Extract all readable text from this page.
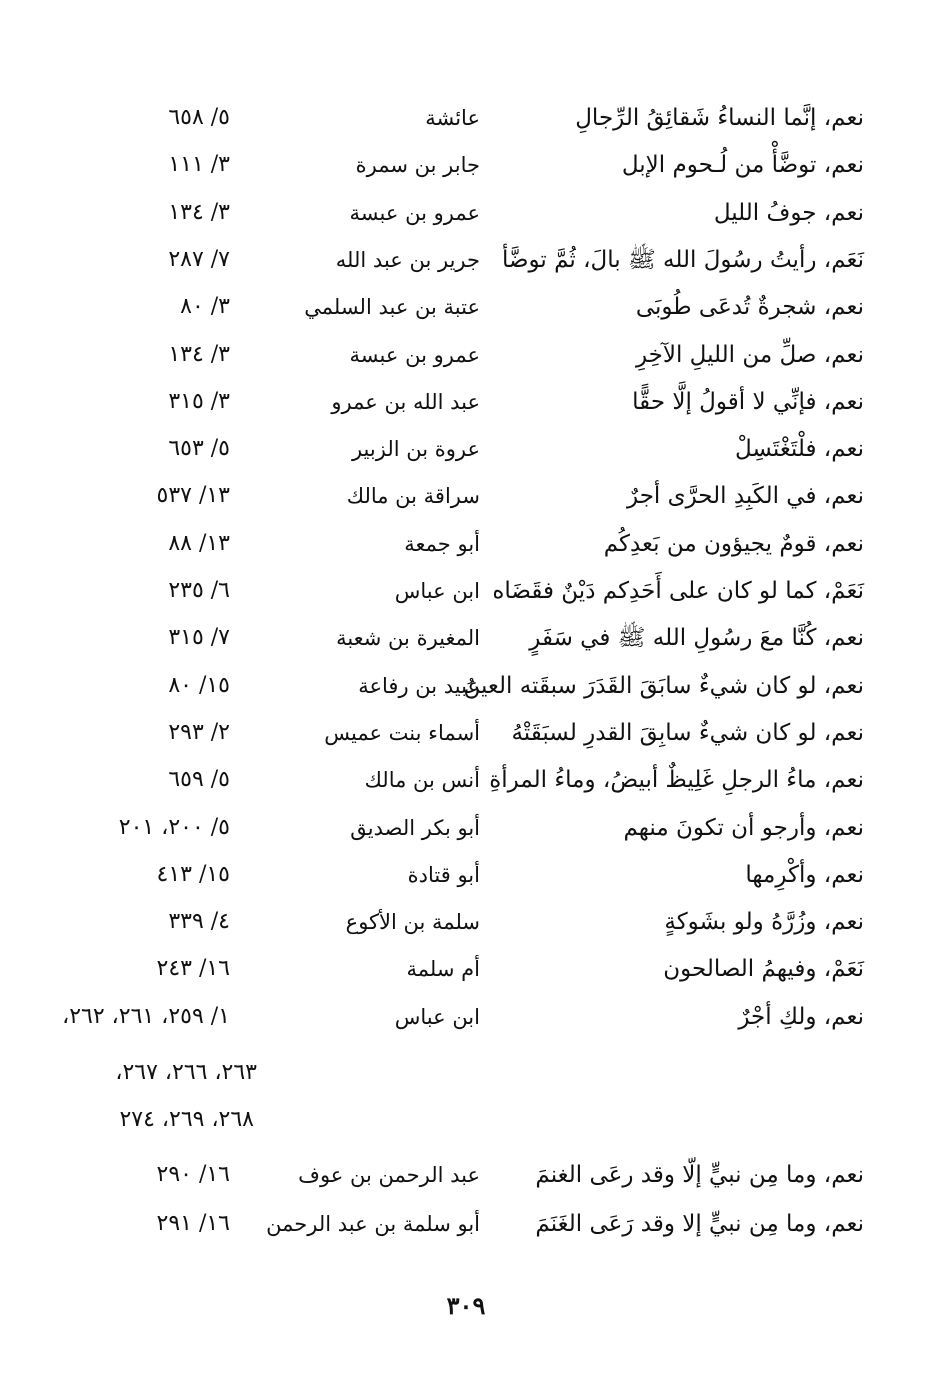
نعم، إنَّما النساءُ شَقائِقُ الرِّجالِ
عائشة
٥/ ٦٥٨
نعم، توضَّأْ من لُـحوم الإبل
جابر بن سمرة
٣/ ١١١
نعم، جوفُ الليل
عمرو بن عبسة
٣/ ١٣٤
نَعَم، رأيتُ رسُولَ الله ﷺ بالَ، ثُمَّ توضَّأ
جرير بن عبد الله
٧/ ٢٨٧
نعم، شجرةٌ تُدعَى طُوبَى
عتبة بن عبد السلمي
٣/ ٨٠
نعم، صلِّ من الليلِ الآخِرِ
عمرو بن عبسة
٣/ ١٣٤
نعم، فإنِّي لا أقولُ إلَّا حقًّا
عبد الله بن عمرو
٣/ ٣١٥
نعم، فلْتَغْتَسِلْ
عروة بن الزبير
٥/ ٦٥٣
نعم، في الكَبِدِ الحرَّى أجرٌ
سراقة بن مالك
١٣/ ٥٣٧
نعم، قومٌ يجيؤون من بَعدِكُم
أبو جمعة
١٣/ ٨٨
نَعَمْ، كما لو كان على أَحَدِكم دَيْنٌ فقَضَاه
ابن عباس
٦/ ٢٣٥
نعم، كُنَّا معَ رسُولِ الله ﷺ في سَفَرٍ
المغيرة بن شعبة
٧/ ٣١٥
نعم، لو كان شيءٌ سابَقَ القَدَرَ سبقَته العينُ
عبيد بن رفاعة
١٥/ ٨٠
نعم، لو كان شيءٌ سابِقَ القدرِ لسبَقَتْهُ
أسماء بنت عميس
٢/ ٢٩٣
نعم، ماءُ الرجلِ غَلِيظٌ أبيضُ، وماءُ المرأةِ
أنس بن مالك
٥/ ٦٥٩
نعم، وأرجو أن تكونَ منهم
أبو بكر الصديق
٥/ ٢٠٠، ٢٠١
نعم، وأكْرِمها
أبو قتادة
١٥/ ٤١٣
نعم، وزُرَّهُ ولو بشَوكةٍ
سلمة بن الأكوع
٤/ ٣٣٩
نَعَمْ، وفيهمُ الصالحون
أم سلمة
١٦/ ٢٤٣
نعم، ولكِ أجْرٌ
ابن عباس
١/ ٢٥٩، ٢٦١، ٢٦٢،
٢٦٣، ٢٦٦، ٢٦٧،
٢٦٨، ٢٦٩، ٢٧٤
نعم، وما مِن نبيٍّ إلّا وقد رعَى الغنمَ
عبد الرحمن بن عوف
١٦/ ٢٩٠
نعم، وما مِن نبيٍّ إلا وقد رَعَى الغَنَمَ
أبو سلمة بن عبد الرحمن
١٦/ ٢٩١
٣٠٩
